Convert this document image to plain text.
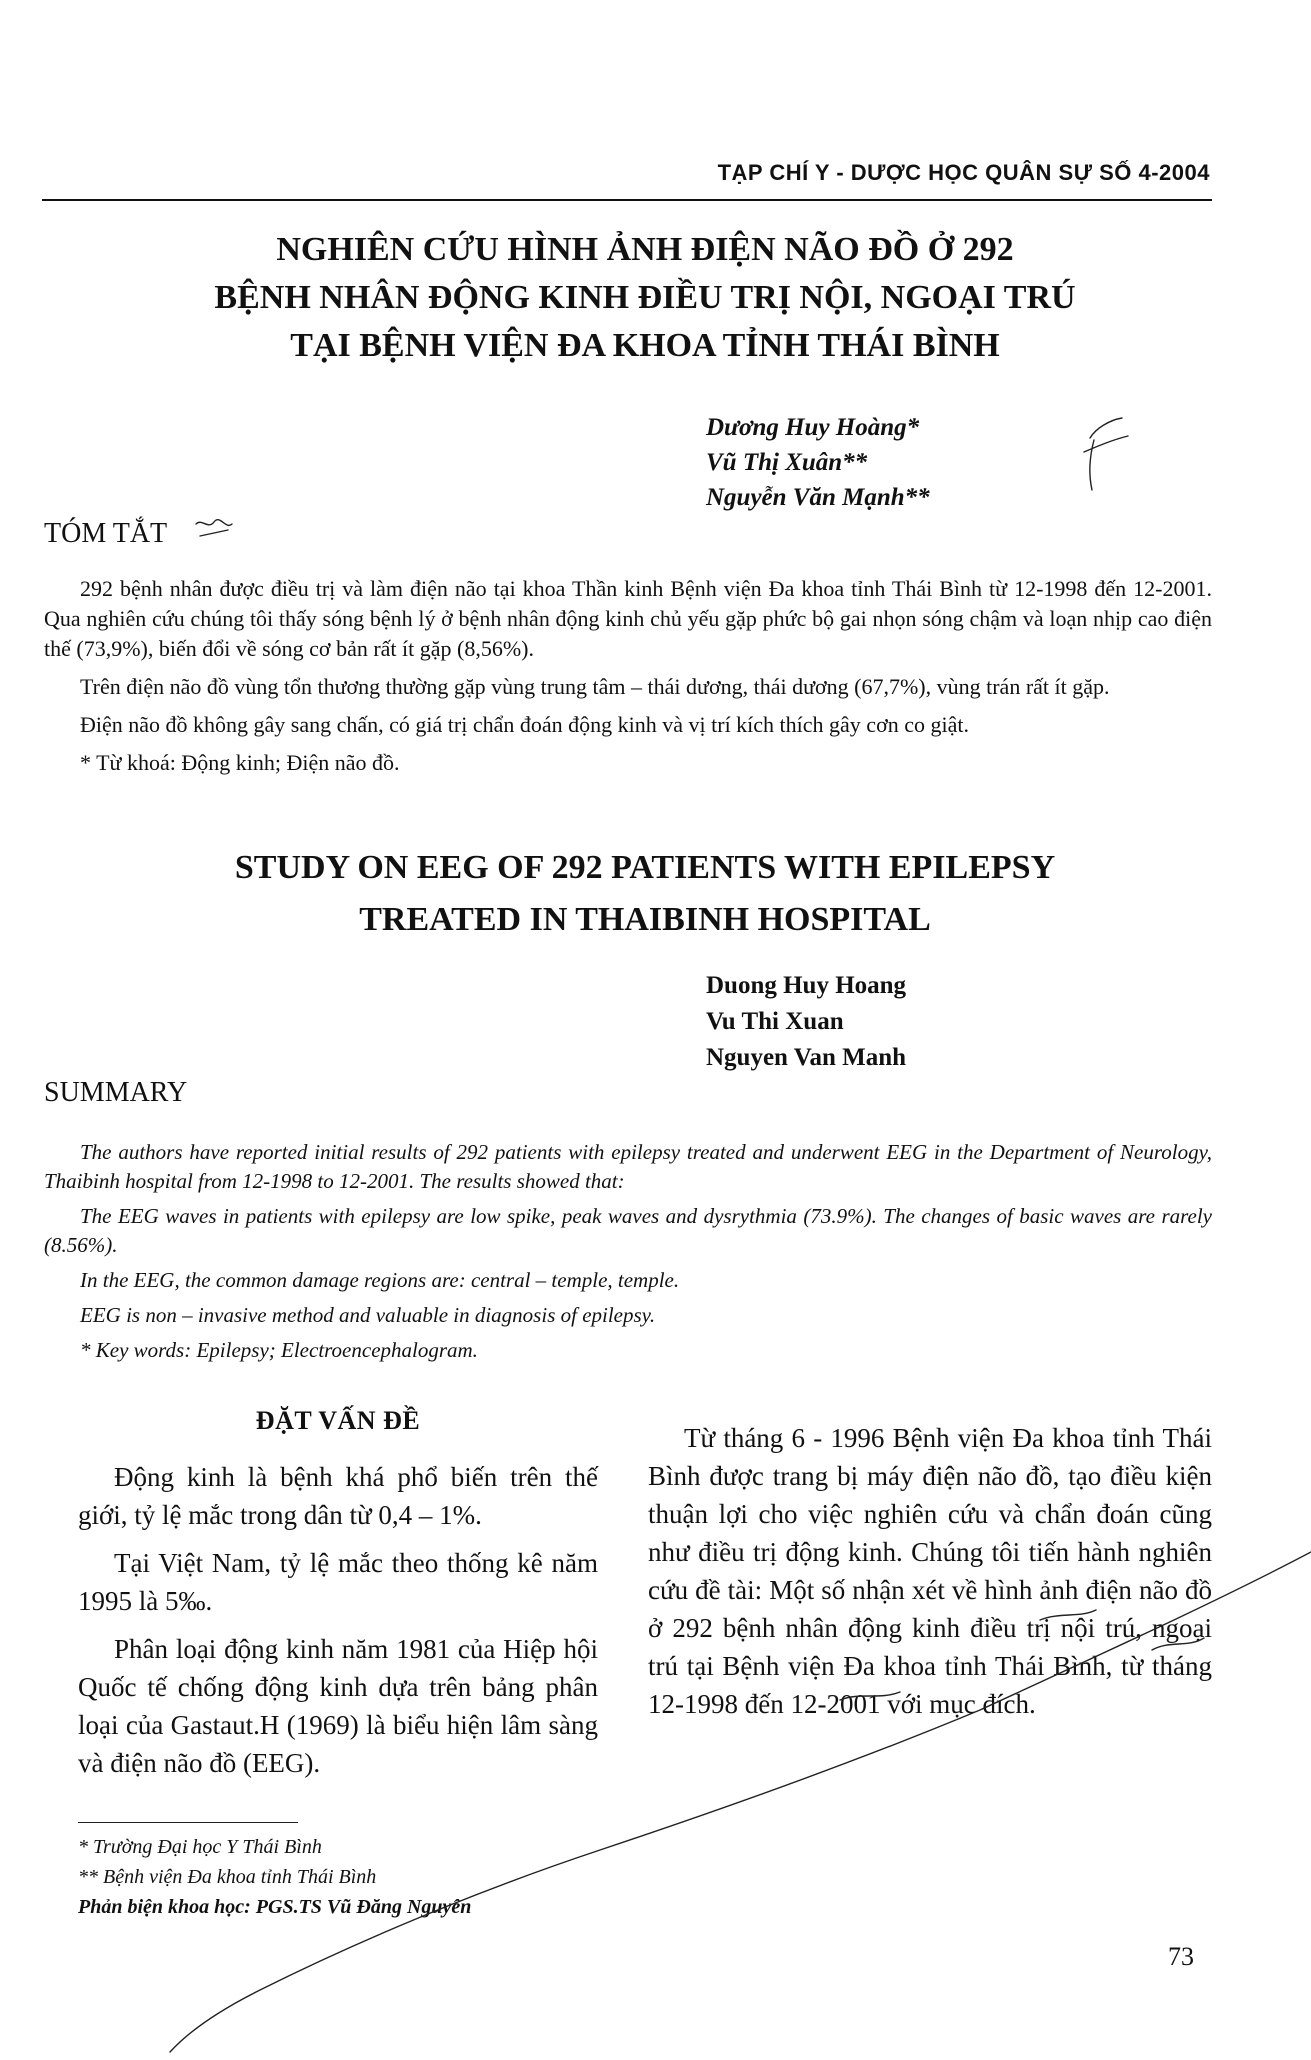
TẠP CHÍ Y - DƯỢC HỌC QUÂN SỰ SỐ 4-2004
NGHIÊN CỨU HÌNH ẢNH ĐIỆN NÃO ĐỒ Ở 292
BỆNH NHÂN ĐỘNG KINH ĐIỀU TRỊ NỘI, NGOẠI TRÚ
TẠI BỆNH VIỆN ĐA KHOA TỈNH THÁI BÌNH
Dương Huy Hoàng*
Vũ Thị Xuân**
Nguyễn Văn Mạnh**
TÓM TẮT

292 bệnh nhân được điều trị và làm điện não tại khoa Thần kinh Bệnh viện Đa khoa tỉnh Thái Bình từ 12-1998 đến 12-2001. Qua nghiên cứu chúng tôi thấy sóng bệnh lý ở bệnh nhân động kinh chủ yếu gặp phức bộ gai nhọn sóng chậm và loạn nhịp cao điện thế (73,9%), biến đổi về sóng cơ bản rất ít gặp (8,56%).

Trên điện não đồ vùng tổn thương thường gặp vùng trung tâm – thái dương, thái dương (67,7%), vùng trán rất ít gặp.

Điện não đồ không gây sang chấn, có giá trị chẩn đoán động kinh và vị trí kích thích gây cơn co giật.

* Từ khoá: Động kinh; Điện não đồ.

STUDY ON EEG OF 292 PATIENTS WITH EPILEPSY
TREATED IN THAIBINH HOSPITAL
Duong Huy Hoang
Vu Thi Xuan
Nguyen Van Manh
SUMMARY

The authors have reported initial results of 292 patients with epilepsy treated and underwent EEG in the Department of Neurology, Thaibinh hospital from 12-1998 to 12-2001. The results showed that:

The EEG waves in patients with epilepsy are low spike, peak waves and dysrythmia (73.9%). The changes of basic waves are rarely (8.56%).

In the EEG, the common damage regions are: central – temple, temple.

EEG is non – invasive method and valuable in diagnosis of epilepsy.

* Key words: Epilepsy; Electroencephalogram.

ĐẶT VẤN ĐỀ

Động kinh là bệnh khá phổ biến trên thế giới, tỷ lệ mắc trong dân từ 0,4 – 1%.

Tại Việt Nam, tỷ lệ mắc theo thống kê năm 1995 là 5‰.

Phân loại động kinh năm 1981 của Hiệp hội Quốc tế chống động kinh dựa trên bảng phân loại của Gastaut.H (1969) là biểu hiện lâm sàng và điện não đồ (EEG).

Từ tháng 6 - 1996 Bệnh viện Đa khoa tỉnh Thái Bình được trang bị máy điện não đồ, tạo điều kiện thuận lợi cho việc nghiên cứu và chẩn đoán cũng như điều trị động kinh. Chúng tôi tiến hành nghiên cứu đề tài: Một số nhận xét về hình ảnh điện não đồ ở 292 bệnh nhân động kinh điều trị nội trú, ngoại trú tại Bệnh viện Đa khoa tỉnh Thái Bình, từ tháng 12-1998 đến 12-2001 với mục đích.

* Trường Đại học Y Thái Bình
** Bệnh viện Đa khoa tỉnh Thái Bình
Phản biện khoa học: PGS.TS Vũ Đăng Nguyên
73
